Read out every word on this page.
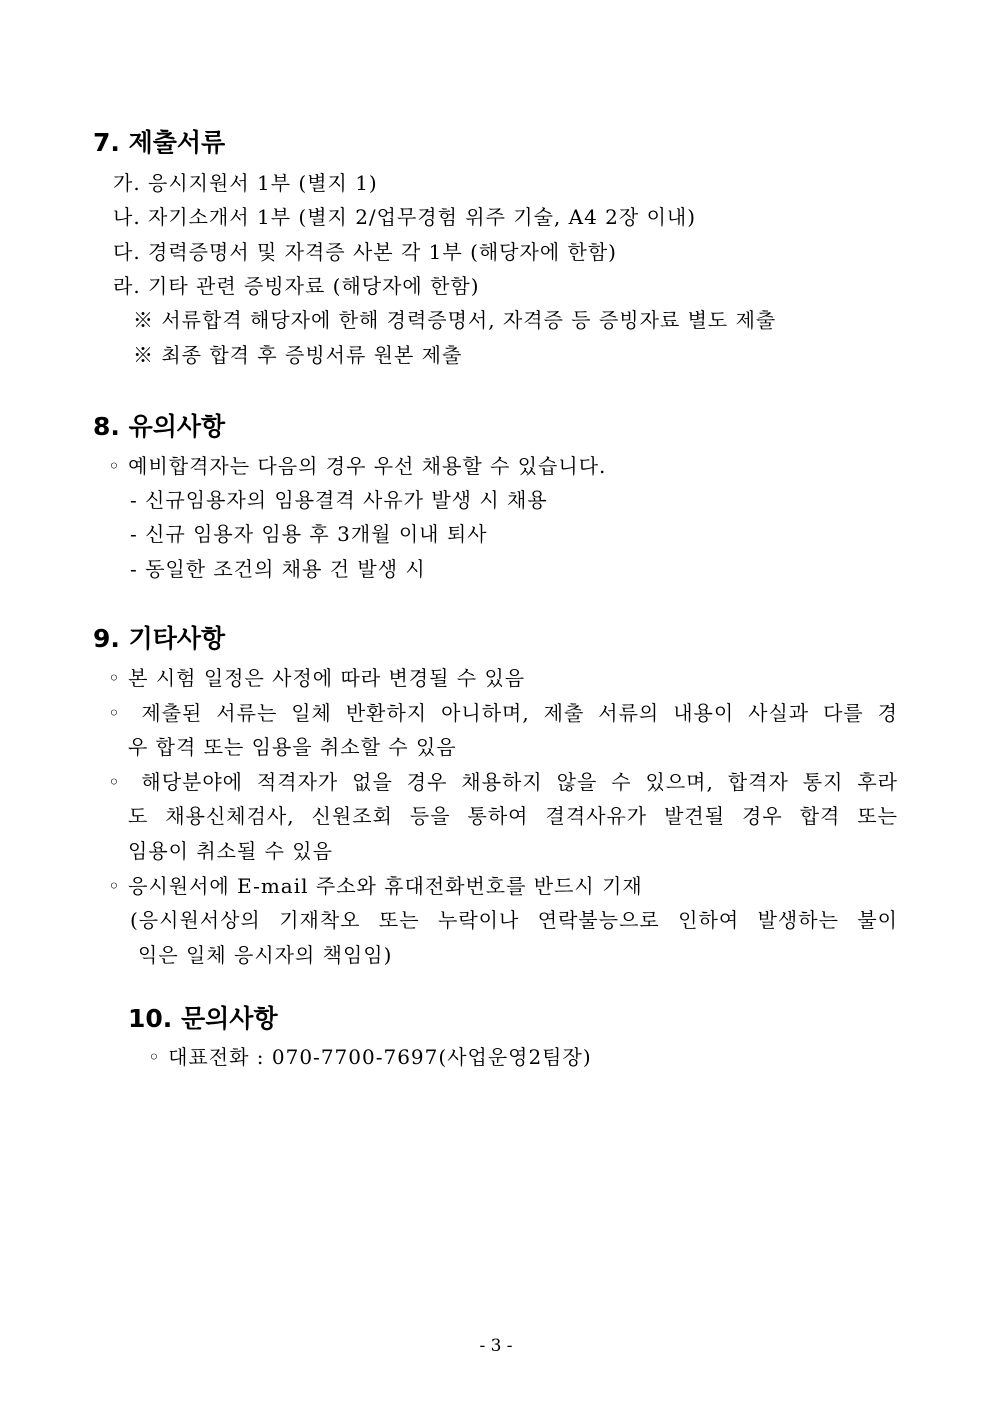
7. 제출서류
가. 응시지원서 1부 (별지 1)
나. 자기소개서 1부 (별지 2/업무경험 위주 기술, A4 2장 이내)
다. 경력증명서 및 자격증 사본 각 1부 (해당자에 한함)
라. 기타 관련 증빙자료 (해당자에 한함)
※ 서류합격 해당자에 한해 경력증명서, 자격증 등 증빙자료 별도 제출
※ 최종 합격 후 증빙서류 원본 제출
8. 유의사항
◦ 예비합격자는 다음의 경우 우선 채용할 수 있습니다.
- 신규임용자의 임용결격 사유가 발생 시 채용
- 신규 임용자 임용 후 3개월 이내 퇴사
- 동일한 조건의 채용 건 발생 시
9. 기타사항
◦ 본 시험 일정은 사정에 따라 변경될 수 있음
◦ 제출된 서류는 일체 반환하지 아니하며, 제출 서류의 내용이 사실과 다를 경
우 합격 또는 임용을 취소할 수 있음
◦ 해당분야에 적격자가 없을 경우 채용하지 않을 수 있으며, 합격자 통지 후라
도 채용신체검사, 신원조회 등을 통하여 결격사유가 발견될 경우 합격 또는
임용이 취소될 수 있음
◦ 응시원서에 E-mail 주소와 휴대전화번호를 반드시 기재
(응시원서상의 기재착오 또는 누락이나 연락불능으로 인하여 발생하는 불이
익은 일체 응시자의 책임임)
10. 문의사항
◦ 대표전화 : 070-7700-7697(사업운영2팀장)
- 3 -
